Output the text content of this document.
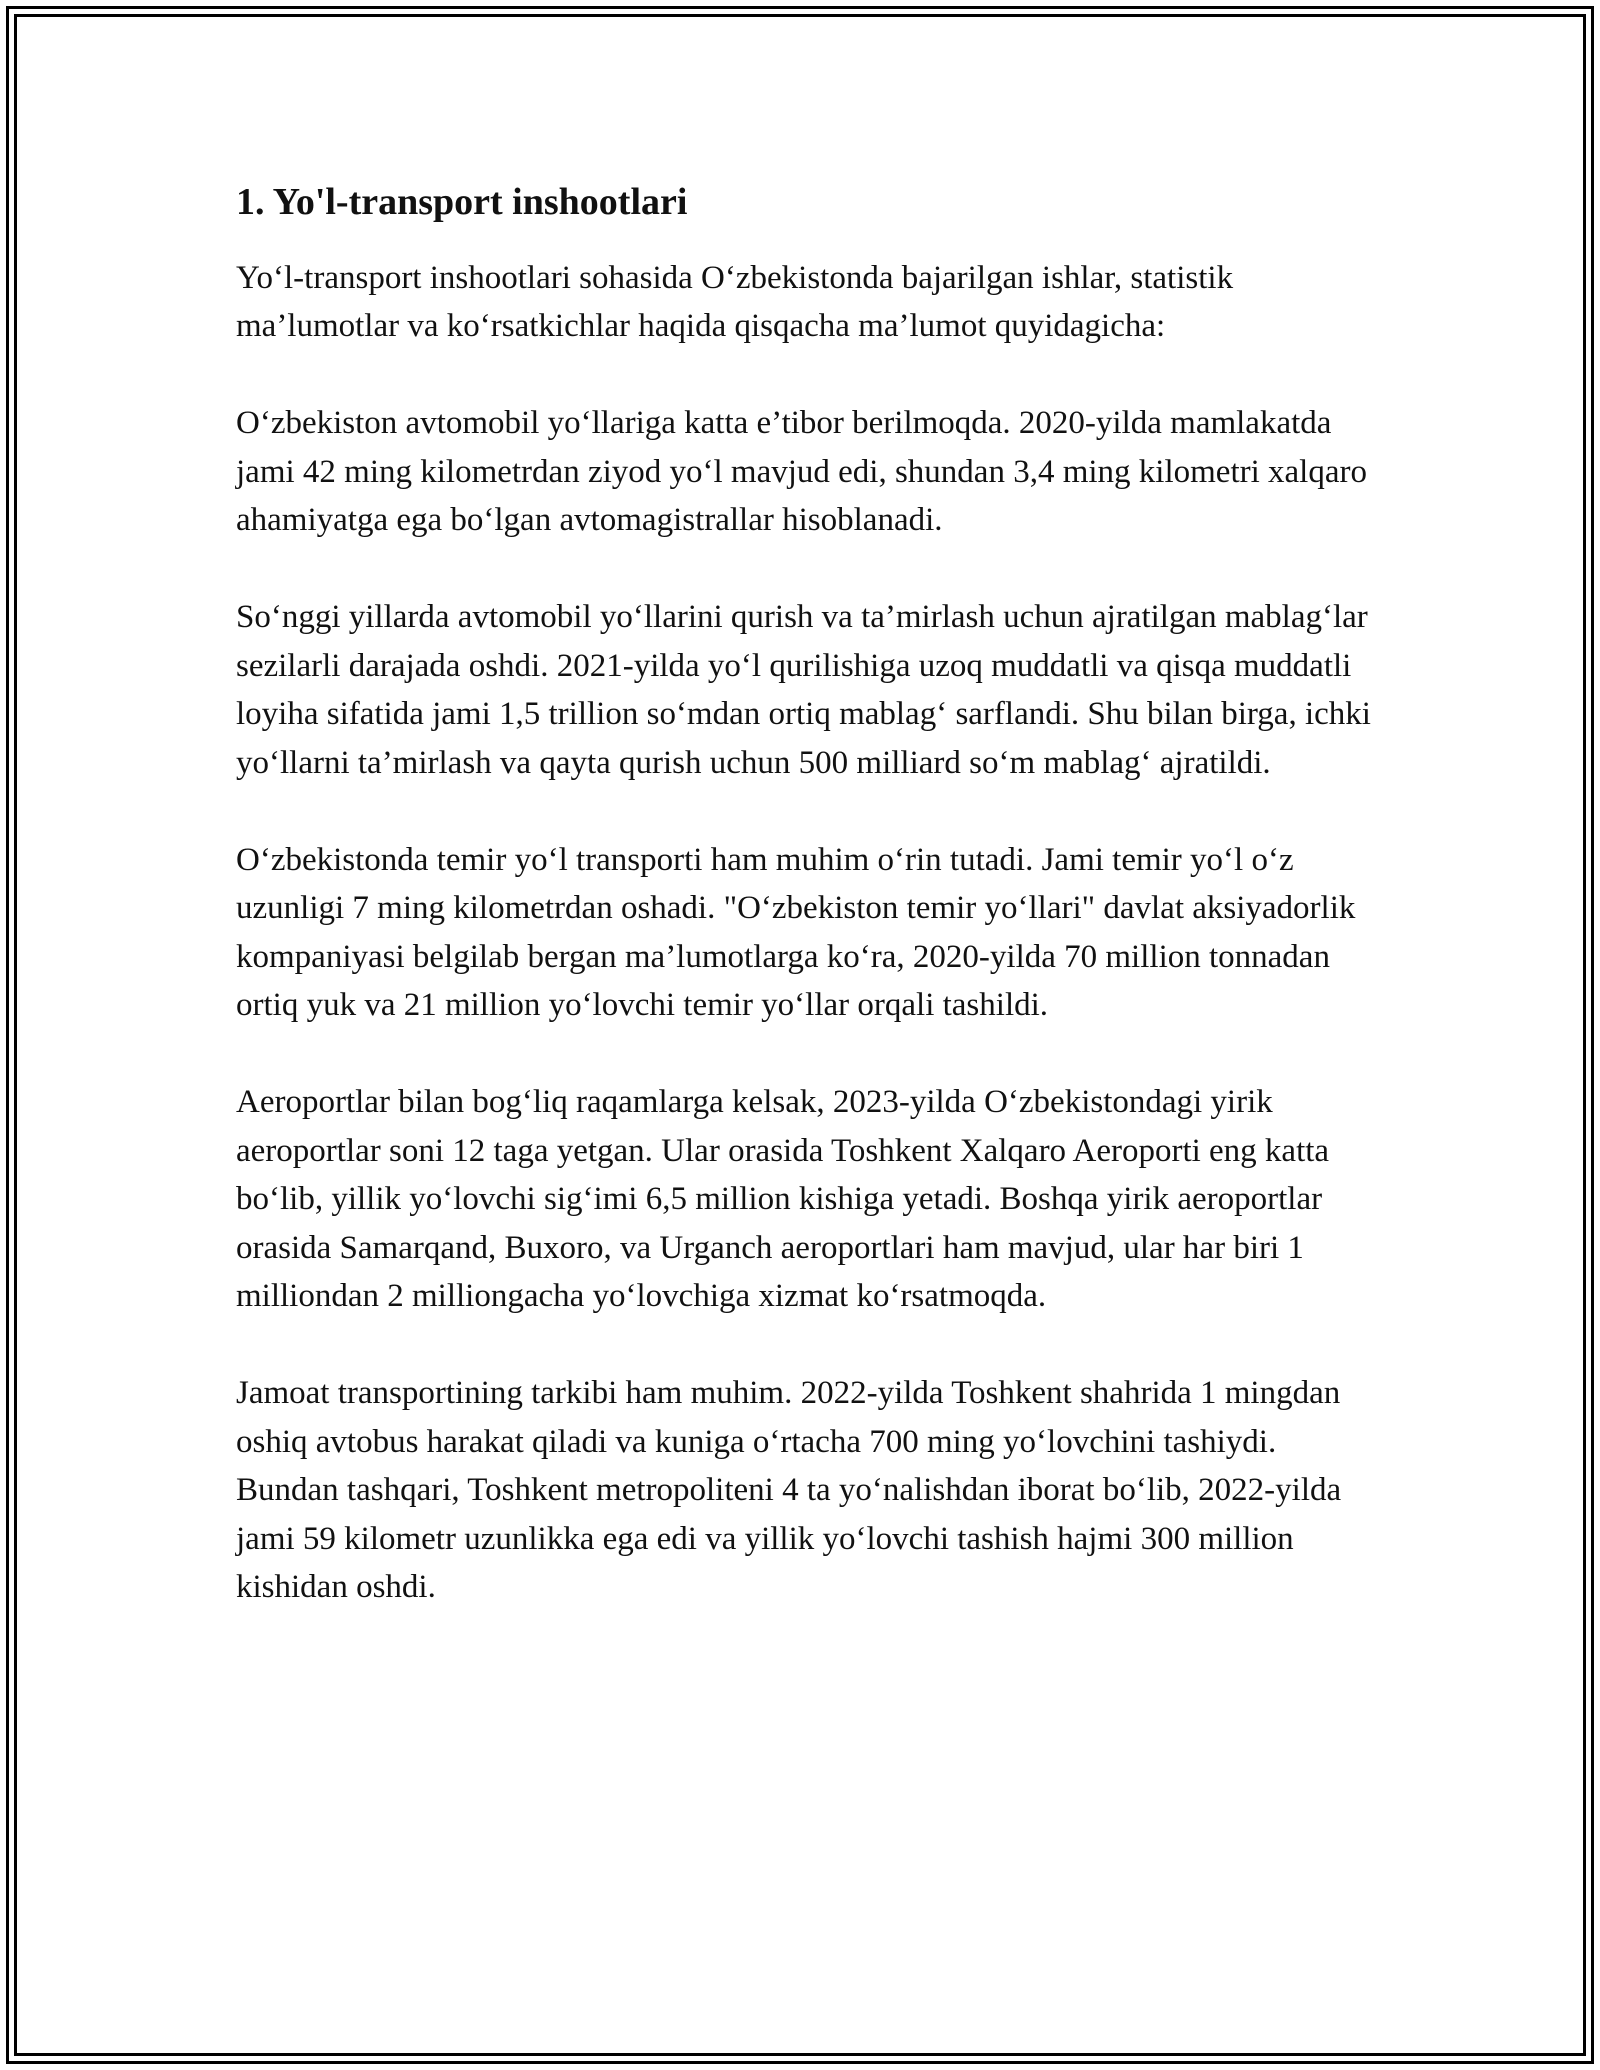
1. Yo'l-transport inshootlari

Yo‘l-transport inshootlari sohasida O‘zbekistonda bajarilgan ishlar, statistik ma’lumotlar va ko‘rsatkichlar haqida qisqacha ma’lumot quyidagicha:

O‘zbekiston avtomobil yo‘llariga katta e’tibor berilmoqda. 2020-yilda mamlakatda jami 42 ming kilometrdan ziyod yo‘l mavjud edi, shundan 3,4 ming kilometri xalqaro ahamiyatga ega bo‘lgan avtomagistrallar hisoblanadi.

So‘nggi yillarda avtomobil yo‘llarini qurish va ta’mirlash uchun ajratilgan mablag‘lar sezilarli darajada oshdi. 2021-yilda yo‘l qurilishiga uzoq muddatli va qisqa muddatli loyiha sifatida jami 1,5 trillion so‘mdan ortiq mablag‘ sarflandi. Shu bilan birga, ichki yo‘llarni ta’mirlash va qayta qurish uchun 500 milliard so‘m mablag‘ ajratildi.

O‘zbekistonda temir yo‘l transporti ham muhim o‘rin tutadi. Jami temir yo‘l o‘z uzunligi 7 ming kilometrdan oshadi. "O‘zbekiston temir yo‘llari" davlat aksiyadorlik kompaniyasi belgilab bergan ma’lumotlarga ko‘ra, 2020-yilda 70 million tonnadan ortiq yuk va 21 million yo‘lovchi temir yo‘llar orqali tashildi.

Aeroportlar bilan bog‘liq raqamlarga kelsak, 2023-yilda O‘zbekistondagi yirik aeroportlar soni 12 taga yetgan. Ular orasida Toshkent Xalqaro Aeroporti eng katta bo‘lib, yillik yo‘lovchi sig‘imi 6,5 million kishiga yetadi. Boshqa yirik aeroportlar orasida Samarqand, Buxoro, va Urganch aeroportlari ham mavjud, ular har biri 1 milliondan 2 milliongacha yo‘lovchiga xizmat ko‘rsatmoqda.

Jamoat transportining tarkibi ham muhim. 2022-yilda Toshkent shahrida 1 mingdan oshiq avtobus harakat qiladi va kuniga o‘rtacha 700 ming yo‘lovchini tashiydi. Bundan tashqari, Toshkent metropoliteni 4 ta yo‘nalishdan iborat bo‘lib, 2022-yilda jami 59 kilometr uzunlikka ega edi va yillik yo‘lovchi tashish hajmi 300 million kishidan oshdi.
